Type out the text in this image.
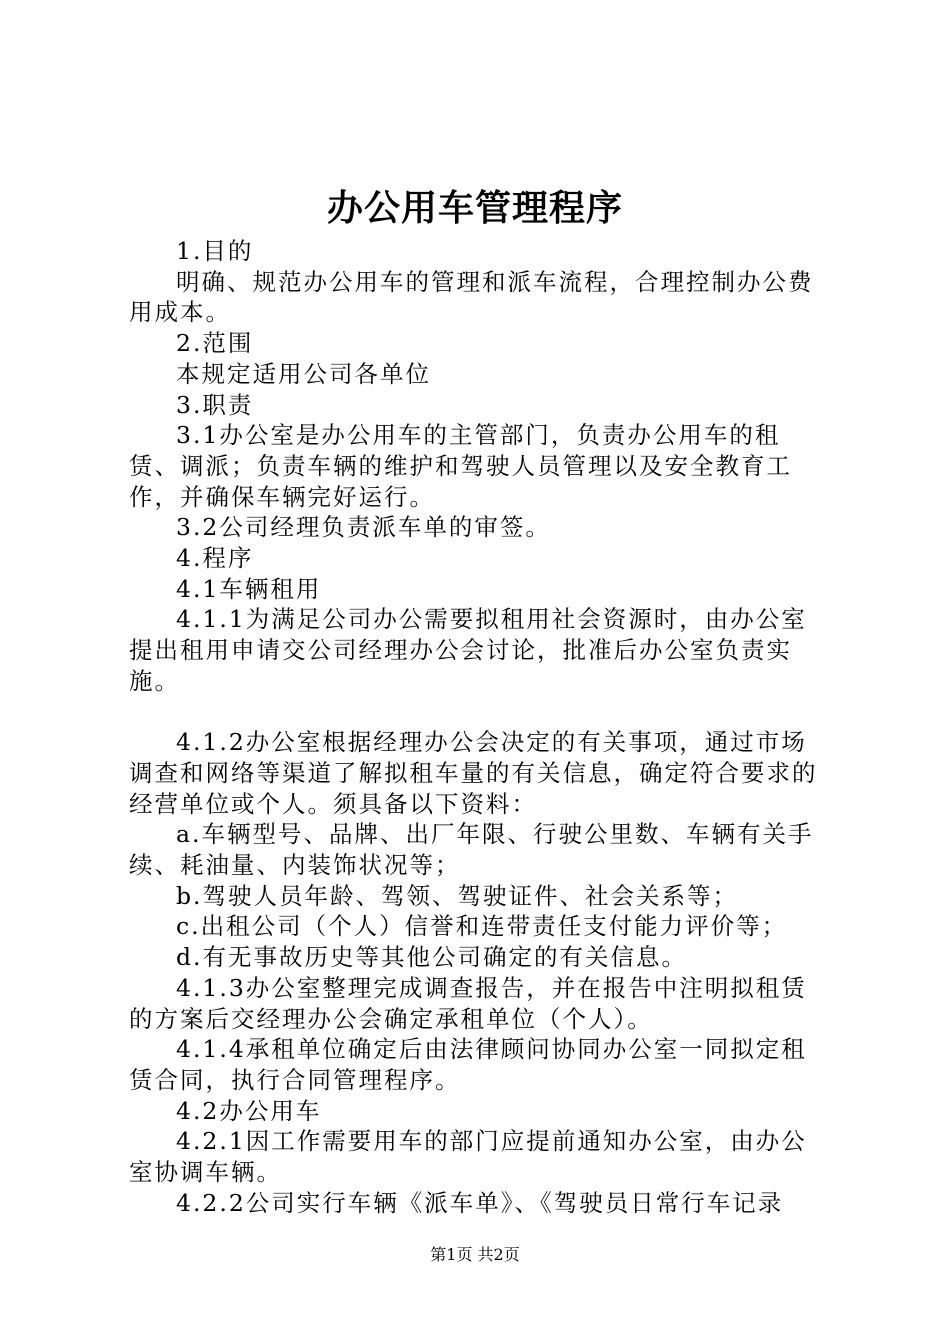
办公用车管理程序

1.目的

明确、规范办公用车的管理和派车流程，合理控制办公费用成本。

2.范围

本规定适用公司各单位

3.职责

3.1办公室是办公用车的主管部门，负责办公用车的租赁、调派；负责车辆的维护和驾驶人员管理以及安全教育工作，并确保车辆完好运行。

3.2公司经理负责派车单的审签。

4.程序

4.1车辆租用

4.1.1为满足公司办公需要拟租用社会资源时，由办公室提出租用申请交公司经理办公会讨论，批准后办公室负责实施。

4.1.2办公室根据经理办公会决定的有关事项，通过市场调查和网络等渠道了解拟租车量的有关信息，确定符合要求的经营单位或个人。须具备以下资料：

a.车辆型号、品牌、出厂年限、行驶公里数、车辆有关手续、耗油量、内装饰状况等；

b.驾驶人员年龄、驾领、驾驶证件、社会关系等；

c.出租公司（个人）信誉和连带责任支付能力评价等；

d.有无事故历史等其他公司确定的有关信息。

4.1.3办公室整理完成调查报告，并在报告中注明拟租赁的方案后交经理办公会确定承租单位（个人）。

4.1.4承租单位确定后由法律顾问协同办公室一同拟定租赁合同，执行合同管理程序。

4.2办公用车

4.2.1因工作需要用车的部门应提前通知办公室，由办公室协调车辆。

4.2.2公司实行车辆《派车单》、《驾驶员日常行车记录

第1页 共2页
